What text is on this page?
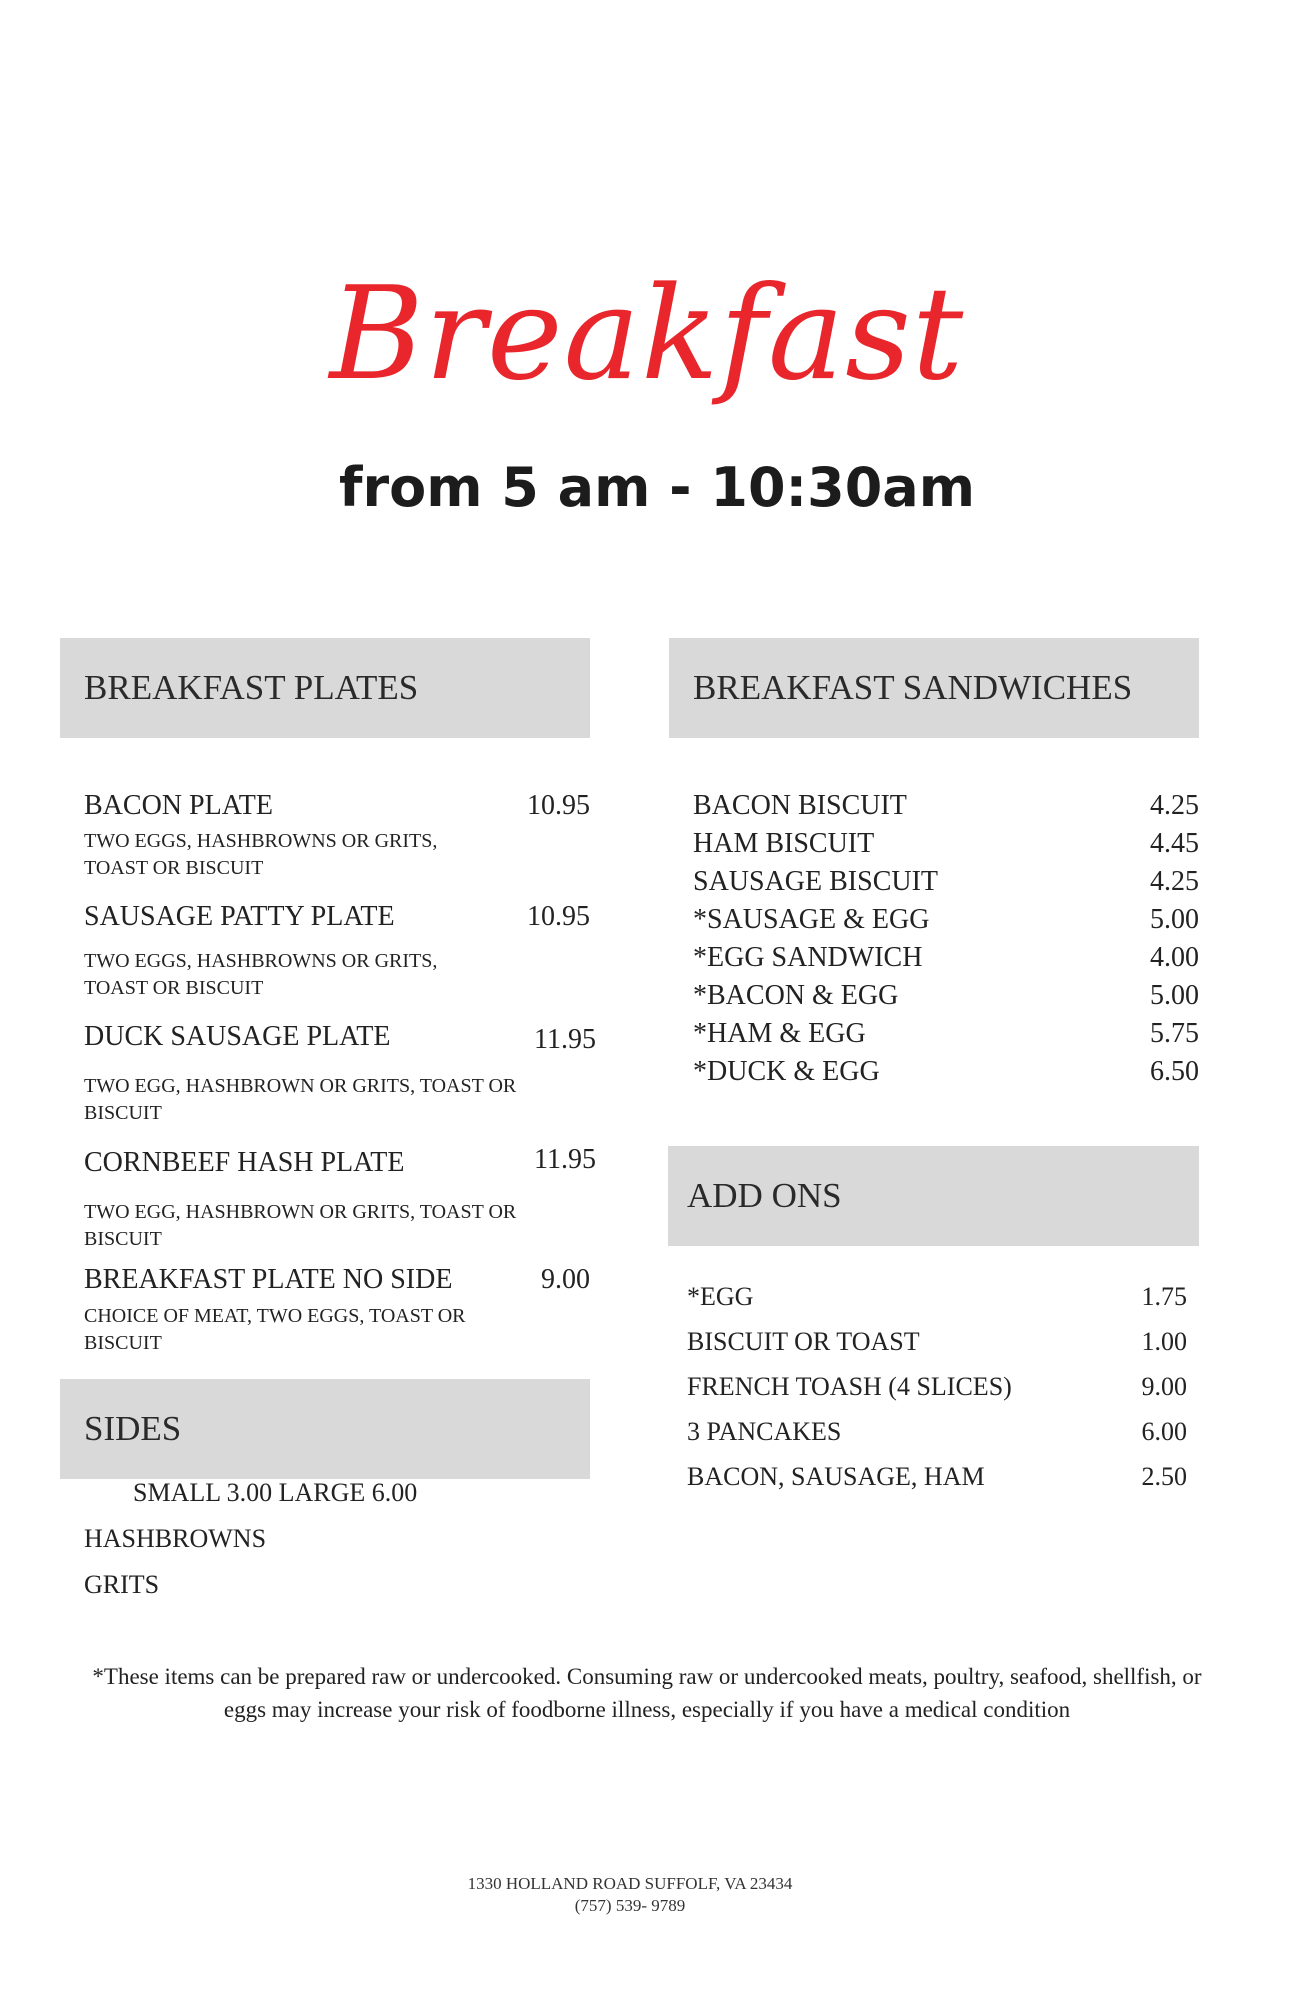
Breakfast
from 5 am - 10:30am
BREAKFAST PLATES
BACON PLATE	10.95
TWO EGGS, HASHBROWNS OR GRITS, TOAST OR BISCUIT
SAUSAGE PATTY PLATE	10.95
TWO EGGS, HASHBROWNS OR GRITS, TOAST OR BISCUIT
DUCK SAUSAGE PLATE	11.95
TWO EGG, HASHBROWN OR GRITS, TOAST OR BISCUIT
CORNBEEF HASH PLATE	11.95
TWO EGG, HASHBROWN OR GRITS, TOAST OR BISCUIT
BREAKFAST PLATE NO SIDE	9.00
CHOICE OF MEAT, TWO EGGS, TOAST OR BISCUIT
SIDES
SMALL 3.00 LARGE 6.00
HASHBROWNS
GRITS
BREAKFAST SANDWICHES
BACON BISCUIT	4.25
HAM BISCUIT	4.45
SAUSAGE BISCUIT	4.25
*SAUSAGE & EGG	5.00
*EGG SANDWICH	4.00
*BACON & EGG	5.00
*HAM & EGG	5.75
*DUCK & EGG	6.50
ADD ONS
*EGG	1.75
BISCUIT OR TOAST	1.00
FRENCH TOASH (4 SLICES)	9.00
3 PANCAKES	6.00
BACON, SAUSAGE, HAM	2.50
*These items can be prepared raw or undercooked. Consuming raw or undercooked meats, poultry, seafood, shellfish, or eggs may increase your risk of foodborne illness, especially if you have a medical condition
1330 HOLLAND ROAD SUFFOLF, VA 23434
(757) 539- 9789
